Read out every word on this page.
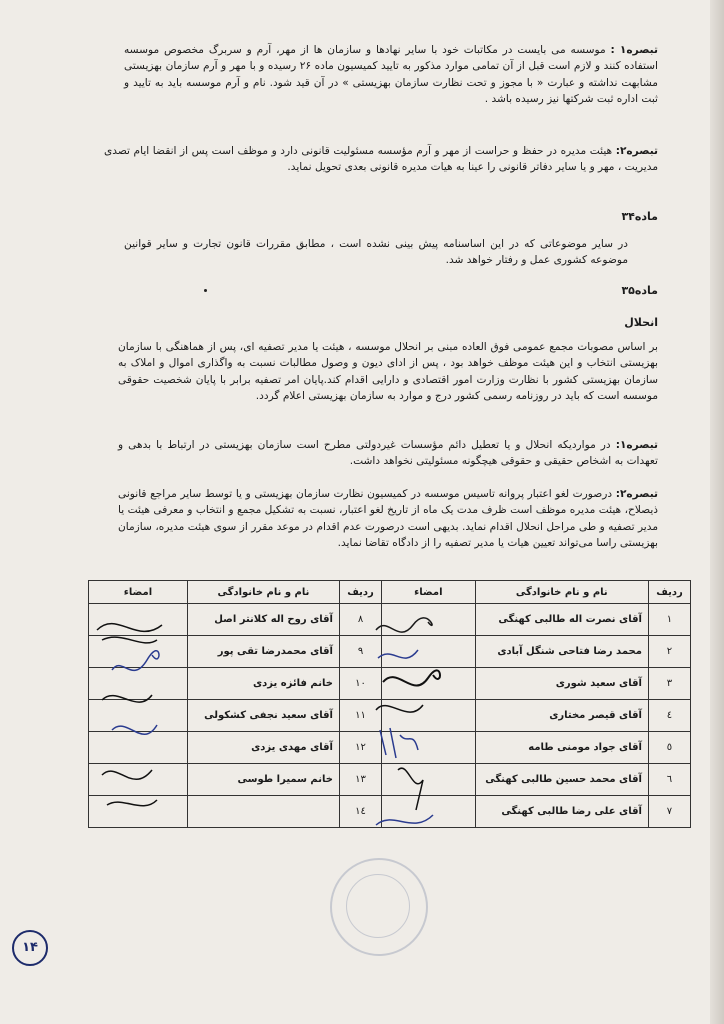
تبصره۱ : موسسه می بایست در مکاتبات خود با سایر نهادها و سازمان ها از مهر، آرم و سربرگ مخصوص موسسه استفاده کنند و لازم است قبل از آن تمامی موارد مذکور به تایید کمیسیون ماده ۲۶ رسیده و با مهر و آرم سازمان بهزیستی مشابهت نداشته و عبارت « با مجوز و تحت نظارت سازمان بهزیستی » در آن قید شود. نام و آرم موسسه باید به تایید و ثبت اداره ثبت شرکتها نیز رسیده باشد .
تبصره۲: هیئت مدیره در حفظ و حراست از مهر و آرم مؤسسه مسئولیت قانونی دارد و موظف است پس از انقضا ایام تصدی مدیریت ، مهر و یا سایر دفاتر قانونی را عینا به هیات مدیره قانونی بعدی تحویل نماید.
ماده۳۴
در سایر موضوعاتی که در این اساسنامه پیش بینی نشده است ، مطابق مقررات قانون تجارت و سایر قوانین موضوعه کشوری عمل و رفتار خواهد شد.
ماده۳۵
انحلال
بر اساس مصوبات مجمع عمومی فوق العاده مبنی بر انحلال موسسه ، هیئت یا مدیر تصفیه ای، پس از هماهنگی با سازمان بهزیستی انتخاب و این هیئت موظف خواهد بود ، پس از ادای دیون و وصول مطالبات نسبت به واگذاری اموال و املاک به سازمان بهزیستی کشور با نظارت وزارت امور اقتصادی و دارایی اقدام کند.پایان امر تصفیه برابر با پایان شخصیت حقوقی موسسه است که باید در روزنامه رسمی کشور درج و موارد به سازمان بهزیستی اعلام گردد.
تبصره۱: در مواردیکه انحلال و یا تعطیل دائم مؤسسات غیردولتی مطرح است سازمان بهزیستی در ارتباط با بدهی و تعهدات به اشخاص حقیقی و حقوقی هیچگونه مسئولیتی نخواهد داشت.
تبصره۲: درصورت لغو اعتبار پروانه تاسیس موسسه در کمیسیون نظارت سازمان بهزیستی و یا توسط سایر مراجع قانونی ذیصلاح، هیئت مدیره موظف است ظرف مدت یک ماه از تاریخ لغو اعتبار، نسبت به تشکیل مجمع و انتخاب و معرفی هیئت یا مدیر تصفیه و طی مراحل انحلال اقدام نماید. بدیهی است درصورت عدم اقدام در موعد مقرر از سوی هیئت مدیره، سازمان بهزیستی راسا می‌تواند تعیین هیات یا مدیر تصفیه را از دادگاه تقاضا نماید.
ردیف	نام و نام خانوادگی	امضاء	ردیف	نام و نام خانوادگی	امضاء
۱	آقای نصرت اله طالبی کهنگی		٨	آقای روح اله کلانتر اصل	
۲	محمد رضا فتاحی شنگل آبادی		٩	آقای محمدرضا تقی پور	
۳	آقای سعید شوری		١٠	خانم فائزه یزدی	
٤	آقای قیصر مختاری		١١	آقای سعید نجفی کشکولی	
٥	آقای جواد مومنی طامه		١٢	آقای مهدی یزدی	
٦	آقای محمد حسین طالبی کهنگی		١٣	خانم سمیرا طوسی	
٧	آقای علی رضا طالبی کهنگی		١٤		
۱۴
